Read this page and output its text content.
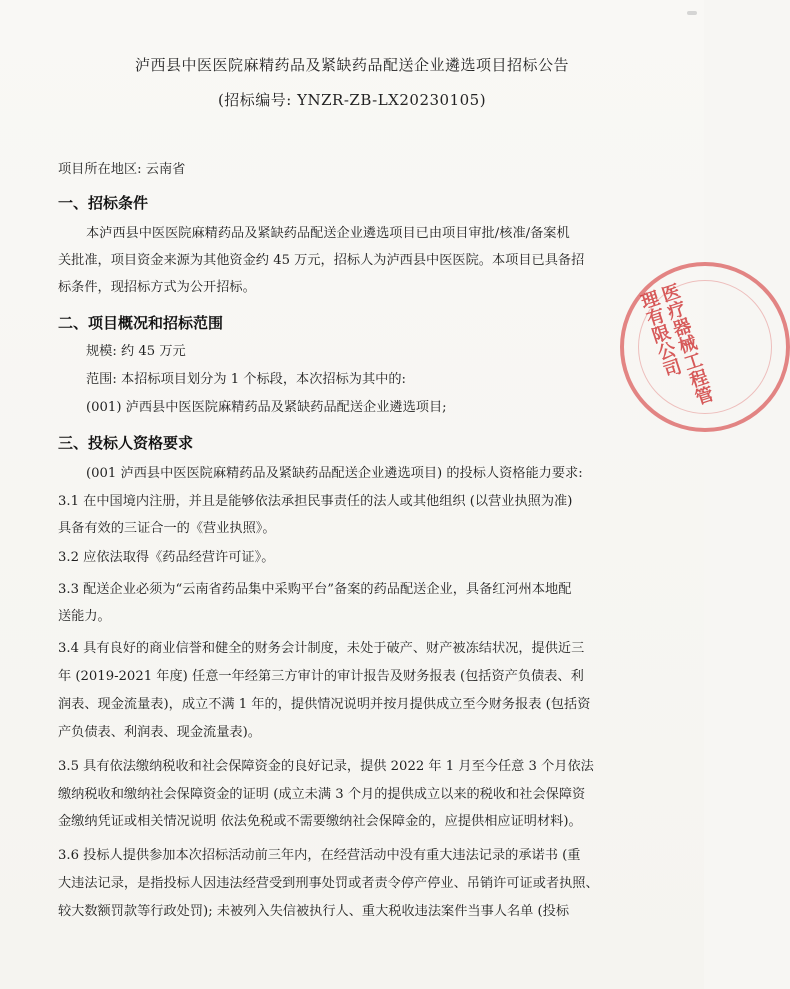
泸西县中医医院麻精药品及紧缺药品配送企业遴选项目招标公告
(招标编号: YNZR-ZB-LX20230105)
项目所在地区: 云南省
一、招标条件
本泸西县中医医院麻精药品及紧缺药品配送企业遴选项目已由项目审批/核准/备案机
关批准，项目资金来源为其他资金约 45 万元，招标人为泸西县中医医院。本项目已具备招
标条件，现招标方式为公开招标。
二、项目概况和招标范围
规模: 约 45 万元
范围: 本招标项目划分为 1 个标段，本次招标为其中的:
(001) 泸西县中医医院麻精药品及紧缺药品配送企业遴选项目;
三、投标人资格要求
(001 泸西县中医医院麻精药品及紧缺药品配送企业遴选项目) 的投标人资格能力要求:
3.1 在中国境内注册，并且是能够依法承担民事责任的法人或其他组织 (以营业执照为准)
具备有效的三证合一的《营业执照》。
3.2 应依法取得《药品经营许可证》。
3.3 配送企业必须为“云南省药品集中采购平台”备案的药品配送企业，具备红河州本地配
送能力。
3.4 具有良好的商业信誉和健全的财务会计制度，未处于破产、财产被冻结状况，提供近三
年 (2019-2021 年度) 任意一年经第三方审计的审计报告及财务报表 (包括资产负债表、利
润表、现金流量表)，成立不满 1 年的，提供情况说明并按月提供成立至今财务报表 (包括资
产负债表、利润表、现金流量表)。
3.5 具有依法缴纳税收和社会保障资金的良好记录，提供 2022 年 1 月至今任意 3 个月依法
缴纳税收和缴纳社会保障资金的证明 (成立未满 3 个月的提供成立以来的税收和社会保障资
金缴纳凭证或相关情况说明 依法免税或不需要缴纳社会保障金的，应提供相应证明材料)。
3.6 投标人提供参加本次招标活动前三年内，在经营活动中没有重大违法记录的承诺书 (重
大违法记录，是指投标人因违法经营受到刑事处罚或者责令停产停业、吊销许可证或者执照、
较大数额罚款等行政处罚); 未被列入失信被执行人、重大税收违法案件当事人名单 (投标
医疗器械工程管理有限公司
